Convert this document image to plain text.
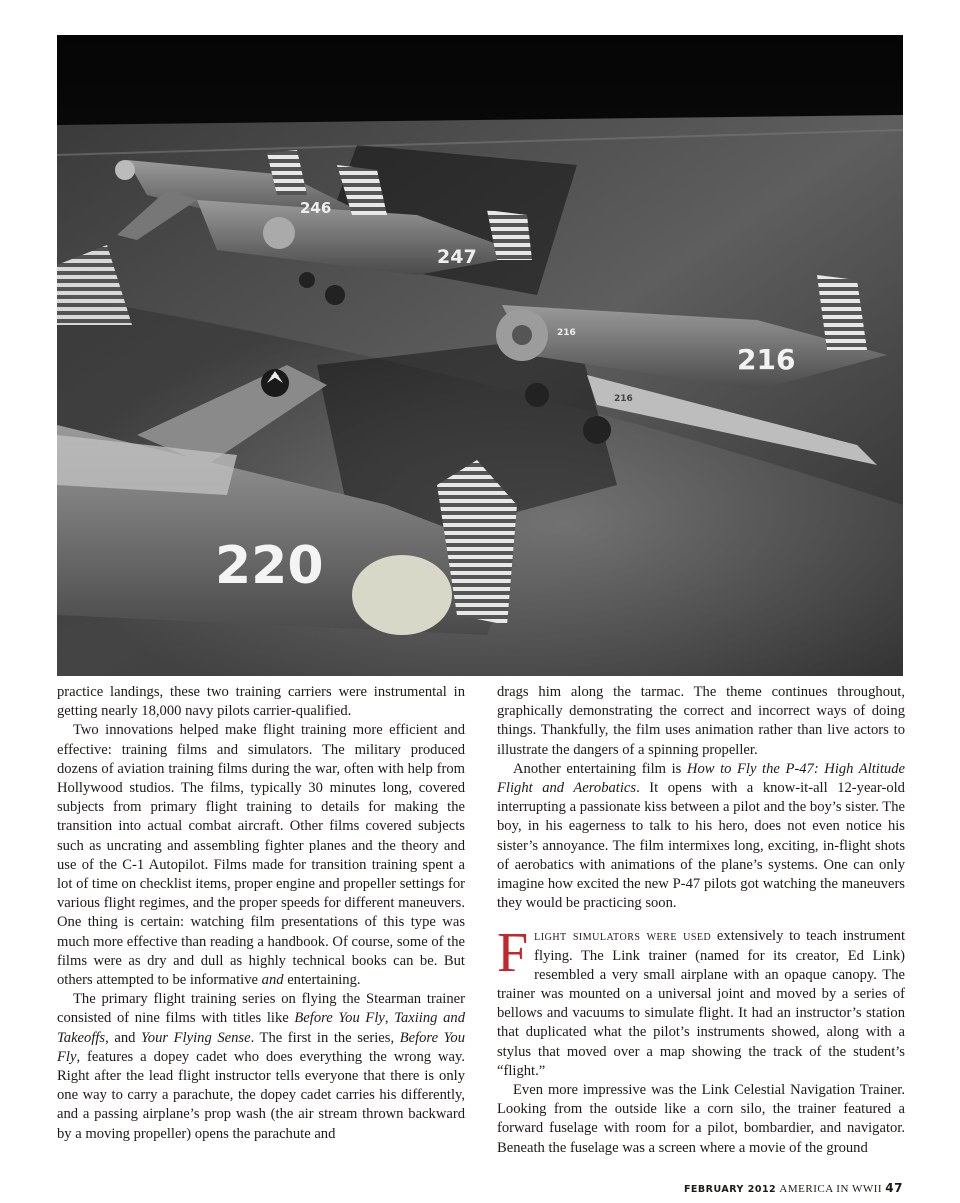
246
247
216
216
216
220

practice landings, these two training carriers were instrumental in getting nearly 18,000 navy pilots carrier-qualified.

Two innovations helped make flight training more efficient and effective: training films and simulators. The military produced dozens of aviation training films during the war, often with help from Hollywood studios. The films, typically 30 minutes long, covered subjects from primary flight training to details for making the transition into actual combat aircraft. Other films covered subjects such as uncrating and assembling fighter planes and the theory and use of the C-1 Autopilot. Films made for transition training spent a lot of time on checklist items, proper engine and propeller settings for various flight regimes, and the proper speeds for different maneuvers. One thing is certain: watching film presentations of this type was much more effective than reading a handbook. Of course, some of the films were as dry and dull as highly technical books can be. But others attempted to be informative and entertaining.

The primary flight training series on flying the Stearman trainer consisted of nine films with titles like Before You Fly, Taxiing and Takeoffs, and Your Flying Sense. The first in the series, Before You Fly, features a dopey cadet who does everything the wrong way. Right after the lead flight instructor tells everyone that there is only one way to carry a parachute, the dopey cadet carries his differently, and a passing airplane’s prop wash (the air stream thrown backward by a moving propeller) opens the parachute and

drags him along the tarmac. The theme continues throughout, graphically demonstrating the correct and incorrect ways of doing things. Thankfully, the film uses animation rather than live actors to illustrate the dangers of a spinning propeller.

Another entertaining film is How to Fly the P-47: High Altitude Flight and Aerobatics. It opens with a know-it-all 12-year-old interrupting a passionate kiss between a pilot and the boy’s sister. The boy, in his eagerness to talk to his hero, does not even notice his sister’s annoyance. The film intermixes long, exciting, in-flight shots of aerobatics with animations of the plane’s systems. One can only imagine how excited the new P-47 pilots got watching the maneuvers they would be practicing soon.

Flight simulators were used extensively to teach instrument flying. The Link trainer (named for its creator, Ed Link) resembled a very small airplane with an opaque canopy. The trainer was mounted on a universal joint and moved by a series of bellows and vacuums to simulate flight. It had an instructor’s station that duplicated what the pilot’s instruments showed, along with a stylus that moved over a map showing the track of the student’s “flight.”

Even more impressive was the Link Celestial Navigation Trainer. Looking from the outside like a corn silo, the trainer featured a forward fuselage with room for a pilot, bombardier, and navigator. Beneath the fuselage was a screen where a movie of the ground

FEBRUARY 2012 AMERICA IN WWII 47
